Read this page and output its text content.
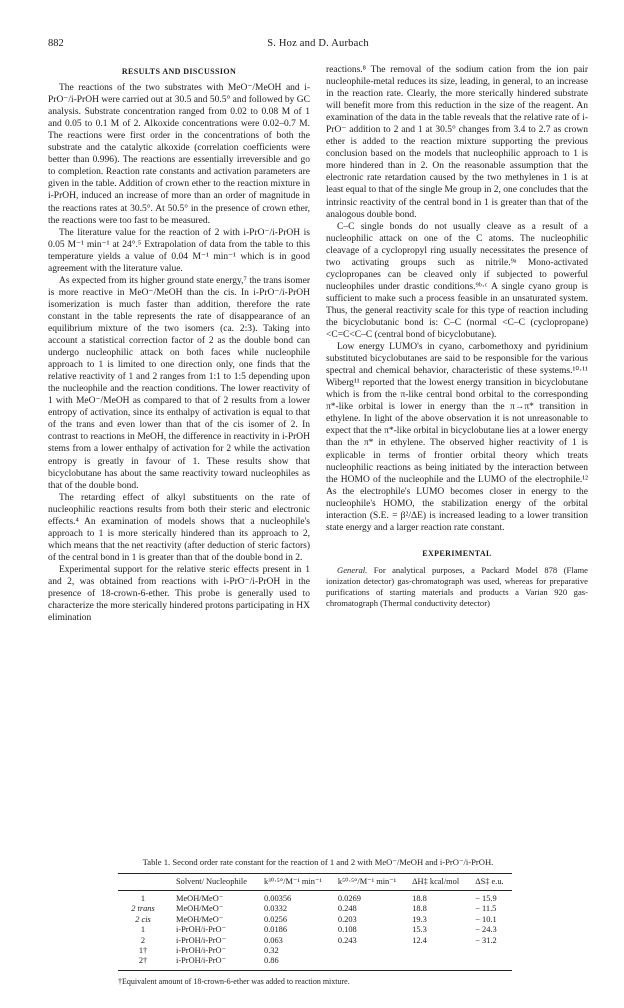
882	S. Hoz and D. Aurbach
RESULTS AND DISCUSSION

The reactions of the two substrates with MeO⁻/MeOH and i-PrO⁻/i-PrOH were carried out at 30.5 and 50.5° and followed by GC analysis. Substrate concentration ranged from 0.02 to 0.08 M of 1 and 0.05 to 0.1 M of 2. Alkoxide concentrations were 0.02–0.7 M. The reactions were first order in the concentrations of both the substrate and the catalytic alkoxide (correlation coefficients were better than 0.996). The reactions are essentially irreversible and go to completion. Reaction rate constants and activation parameters are given in the table. Addition of crown ether to the reaction mixture in i-PrOH, induced an increase of more than an order of magnitude in the reactions rates at 30.5°. At 50.5° in the presence of crown ether, the reactions were too fast to be measured.

The literature value for the reaction of 2 with i-PrO⁻/i-PrOH is 0.05 M⁻¹ min⁻¹ at 24°.⁵ Extrapolation of data from the table to this temperature yields a value of 0.04 M⁻¹ min⁻¹ which is in good agreement with the literature value.

As expected from its higher ground state energy,⁷ the trans isomer is more reactive in MeO⁻/MeOH than the cis. In i-PrO⁻/i-PrOH isomerization is much faster than addition, therefore the rate constant in the table represents the rate of disappearance of an equilibrium mixture of the two isomers (ca. 2:3). Taking into account a statistical correction factor of 2 as the double bond can undergo nucleophilic attack on both faces while nucleophile approach to 1 is limited to one direction only, one finds that the relative reactivity of 1 and 2 ranges from 1:1 to 1:5 depending upon the nucleophile and the reaction conditions. The lower reactivity of 1 with MeO⁻/MeOH as compared to that of 2 results from a lower entropy of activation, since its enthalpy of activation is equal to that of the trans and even lower than that of the cis isomer of 2. In contrast to reactions in MeOH, the difference in reactivity in i-PrOH stems from a lower enthalpy of activation for 2 while the activation entropy is greatly in favour of 1. These results show that bicyclobutane has about the same reactivity toward nucleophiles as that of the double bond.

The retarding effect of alkyl substituents on the rate of nucleophilic reactions results from both their steric and electronic effects.⁴ An examination of models shows that a nucleophile's approach to 1 is more sterically hindered than its approach to 2, which means that the net reactivity (after deduction of steric factors) of the central bond in 1 is greater than that of the double bond in 2.

Experimental support for the relative steric effects present in 1 and 2, was obtained from reactions with i-PrO⁻/i-PrOH in the presence of 18-crown-6-ether. This probe is generally used to characterize the more sterically hindered protons participating in HX elimination

reactions.⁸ The removal of the sodium cation from the ion pair nucleophile-metal reduces its size, leading, in general, to an increase in the reaction rate. Clearly, the more sterically hindered substrate will benefit more from this reduction in the size of the reagent. An examination of the data in the table reveals that the relative rate of i-PrO⁻ addition to 2 and 1 at 30.5° changes from 3.4 to 2.7 as crown ether is added to the reaction mixture supporting the previous conclusion based on the models that nucleophilic approach to 1 is more hindered than in 2. On the reasonable assumption that the electronic rate retardation caused by the two methylenes in 1 is at least equal to that of the single Me group in 2, one concludes that the intrinsic reactivity of the central bond in 1 is greater than that of the analogous double bond.

C–C single bonds do not usually cleave as a result of a nucleophilic attack on one of the C atoms. The nucleophilic cleavage of a cyclopropyl ring usually necessitates the presence of two activating groups such as nitrile.⁹ᵃ Mono-activated cyclopropanes can be cleaved only if subjected to powerful nucleophiles under drastic conditions.⁹ᵇ·ᶜ A single cyano group is sufficient to make such a process feasible in an unsaturated system. Thus, the general reactivity scale for this type of reaction including the bicyclobutanic bond is: C–C (normal <C–C (cyclopropane)<C=C<C–C (central bond of bicyclobutane).

Low energy LUMO's in cyano, carbomethoxy and pyridinium substituted bicyclobutanes are said to be responsible for the various spectral and chemical behavior, characteristic of these systems.¹⁰·¹¹ Wiberg¹¹ reported that the lowest energy transition in bicyclobutane which is from the π-like central bond orbital to the corresponding π*-like orbital is lower in energy than the π→π* transition in ethylene. In light of the above observation it is not unreasonable to expect that the π*-like orbital in bicyclobutane lies at a lower energy than the π* in ethylene. The observed higher reactivity of 1 is explicable in terms of frontier orbital theory which treats nucleophilic reactions as being initiated by the interaction between the HOMO of the nucleophile and the LUMO of the electrophile.¹² As the electrophile's LUMO becomes closer in energy to the nucleophile's HOMO, the stabilization energy of the orbital interaction (S.E. = β²/ΔE) is increased leading to a lower transition state energy and a larger reaction rate constant.

EXPERIMENTAL

General. For analytical purposes, a Packard Model 878 (Flame ionization detector) gas-chromatograph was used, whereas for preparative purifications of starting materials and products a Varian 920 gas-chromatograph (Thermal conductivity detector)

Table 1. Second order rate constant for the reaction of 1 and 2 with MeO⁻/MeOH and i-PrO⁻/i-PrOH.
	Solvent/ Nucleophile	k³⁰·⁵°/M⁻¹ min⁻¹	k⁵⁰·⁵°/M⁻¹ min⁻¹	ΔH‡ kcal/mol	ΔS‡ e.u.
1	MeOH/MeO⁻	0.00356	0.0269	18.8	− 15.9
2 trans	MeOH/MeO⁻	0.0332	0.248	18.8	− 11.5
2 cis	MeOH/MeO⁻	0.0256	0.203	19.3	− 10.1
1	i-PrOH/i-PrO⁻	0.0186	0.108	15.3	− 24.3
2	i-PrOH/i-PrO⁻	0.063	0.243	12.4	− 31.2
1†	i-PrOH/i-PrO⁻	0.32			
2†	i-PrOH/i-PrO⁻	0.86			
†Equivalent amount of 18-crown-6-ether was added to reaction mixture.
